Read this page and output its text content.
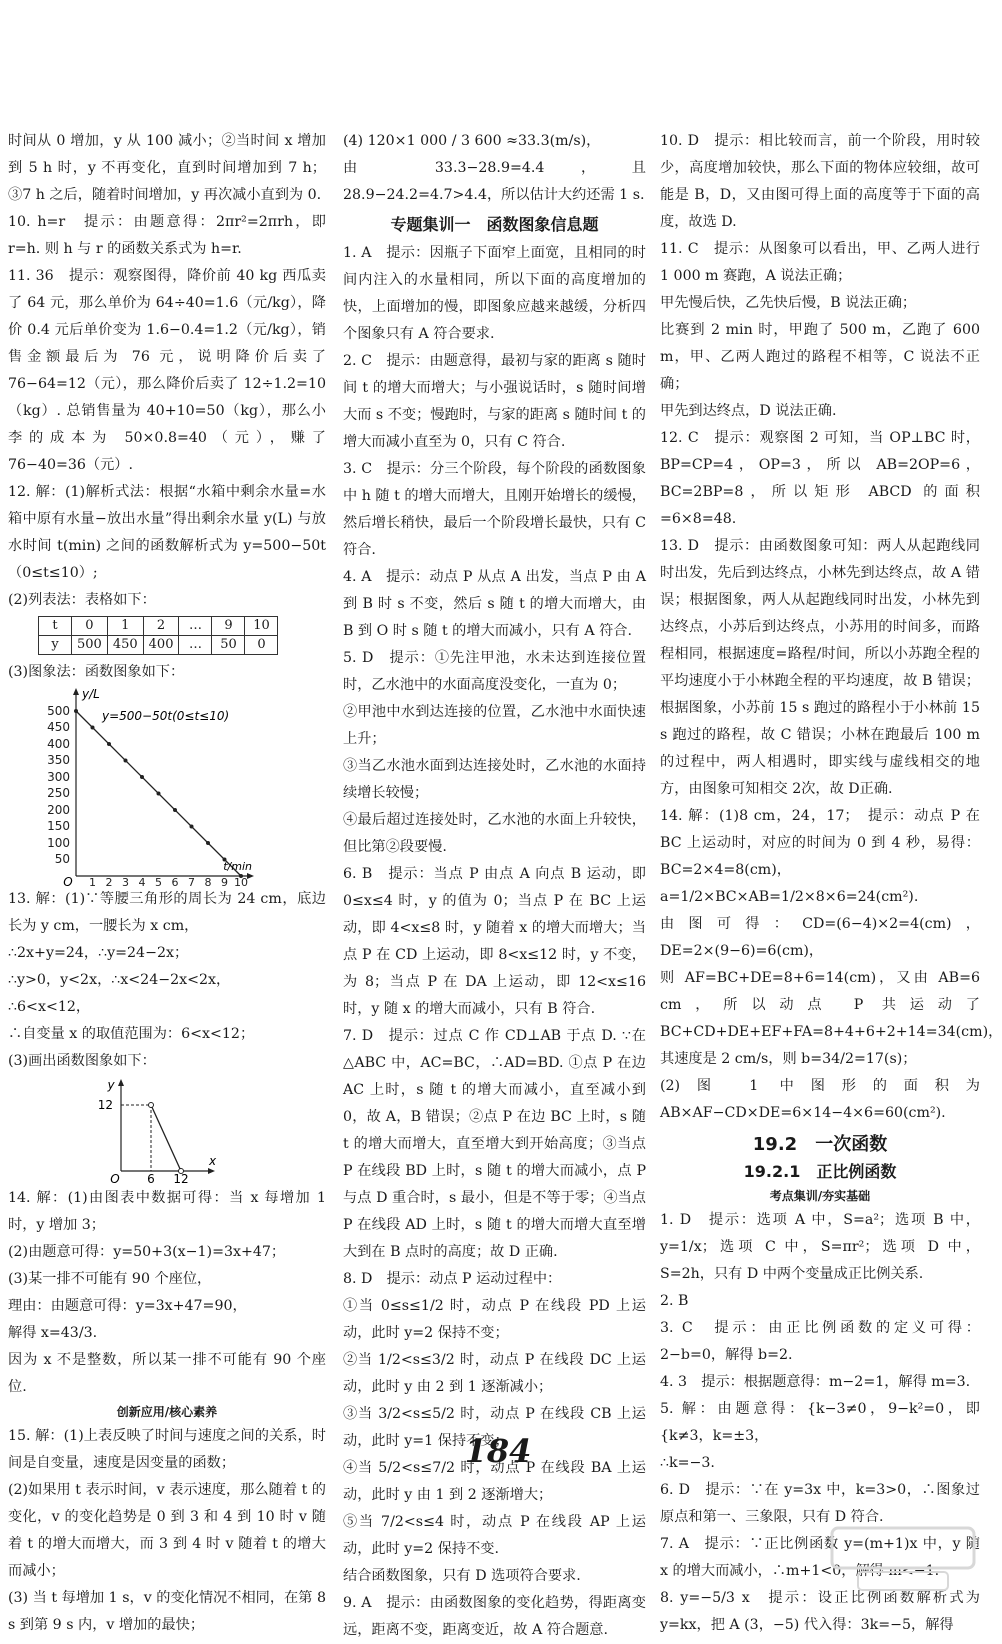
时间从 0 增加，y 从 100 减小；②当时间 x 增加到 5 h 时，y 不再变化，直到时间增加到 7 h；③7 h 之后，随着时间增加，y 再次减小直到为 0.

10. h=r　提示：由题意得：2πr²=2πrh，即 r=h. 则 h 与 r 的函数关系式为 h=r.

11. 36　提示：观察图得，降价前 40 kg 西瓜卖了 64 元，那么单价为 64÷40=1.6（元/kg），降价 0.4 元后单价变为 1.6−0.4=1.2（元/kg），销售金额最后为 76 元，说明降价后卖了 76−64=12（元），那么降价后卖了 12÷1.2=10（kg）. 总销售量为 40+10=50（kg），那么小李的成本为 50×0.8=40（元），赚了 76−40=36（元）.

12. 解：(1)解析式法：根据“水箱中剩余水量=水箱中原有水量−放出水量”得出剩余水量 y(L) 与放水时间 t(min) 之间的函数解析式为 y=500−50t（0≤t≤10）;

(2)列表法：表格如下：

t	0	1	2	…	9	10
y	500	450	400	…	50	0

(3)图象法：函数图象如下：

500
450
400
350
300
250
200
150
100
50
1 2 3 4 5 6 7 8 9 10
O
y/L
t/min
y=500−50t(0≤t≤10)

13. 解：(1)∵等腰三角形的周长为 24 cm，底边长为 y cm，一腰长为 x cm，

∴2x+y=24，∴y=24−2x；

∴y>0，y<2x，∴x<24−2x<2x，

∴6<x<12，

∴自变量 x 的取值范围为：6<x<12；

(3)画出函数图象如下：

O
y
12
6 12
x

14. 解：(1)由图表中数据可得：当 x 每增加 1 时，y 增加 3；

(2)由题意可得：y=50+3(x−1)=3x+47；

(3)某一排不可能有 90 个座位，

理由：由题意可得：y=3x+47=90，

解得 x=43/3.

因为 x 不是整数，所以某一排不可能有 90 个座位.

创新应用/核心素养

15. 解：(1)上表反映了时间与速度之间的关系，时间是自变量，速度是因变量的函数；

(2)如果用 t 表示时间，v 表示速度，那么随着 t 的变化，v 的变化趋势是 0 到 3 和 4 到 10 时 v 随着 t 的增大而增大，而 3 到 4 时 v 随着 t 的增大而减小；

(3) 当 t 每增加 1 s，v 的变化情况不相同，在第 8 s 到第 9 s 内，v 增加的最快；

(4) 120×1 000 / 3 600 ≈33.3(m/s)，

由 33.3−28.9=4.4，且 28.9−24.2=4.7>4.4，所以估计大约还需 1 s.

专题集训一　函数图象信息题

1. A　提示：因瓶子下面窄上面宽，且相同的时间内注入的水量相同，所以下面的高度增加的快，上面增加的慢，即图象应越来越缓，分析四个图象只有 A 符合要求.

2. C　提示：由题意得，最初与家的距离 s 随时间 t 的增大而增大；与小强说话时，s 随时间增大而 s 不变；慢跑时，与家的距离 s 随时间 t 的增大而减小直至为 0，只有 C 符合.

3. C　提示：分三个阶段，每个阶段的函数图象中 h 随 t 的增大而增大，且刚开始增长的缓慢，然后增长稍快，最后一个阶段增长最快，只有 C 符合.

4. A　提示：动点 P 从点 A 出发，当点 P 由 A 到 B 时 s 不变，然后 s 随 t 的增大而增大，由 B 到 O 时 s 随 t 的增大而减小，只有 A 符合.

5. D　提示：①先注甲池，水未达到连接位置时，乙水池中的水面高度没变化，一直为 0；

②甲池中水到达连接的位置，乙水池中水面快速上升；

③当乙水池水面到达连接处时，乙水池的水面持续增长较慢；

④最后超过连接处时，乙水池的水面上升较快，但比第②段要慢.

6. B　提示：当点 P 由点 A 向点 B 运动，即 0≤x≤4 时，y 的值为 0；当点 P 在 BC 上运动，即 4<x≤8 时，y 随着 x 的增大而增大；当点 P 在 CD 上运动，即 8<x≤12 时，y 不变，为 8；当点 P 在 DA 上运动，即 12<x≤16 时，y 随 x 的增大而减小，只有 B 符合.

7. D　提示：过点 C 作 CD⊥AB 于点 D. ∵在 △ABC 中，AC=BC，∴AD=BD. ①点 P 在边 AC 上时，s 随 t 的增大而减小，直至减小到 0，故 A，B 错误；②点 P 在边 BC 上时，s 随 t 的增大而增大，直至增大到开始高度；③当点 P 在线段 BD 上时，s 随 t 的增大而减小，点 P 与点 D 重合时，s 最小，但是不等于零；④当点 P 在线段 AD 上时，s 随 t 的增大而增大直至增大到在 B 点时的高度；故 D 正确.

8. D　提示：动点 P 运动过程中：

①当 0≤s≤1/2 时，动点 P 在线段 PD 上运动，此时 y=2 保持不变；

②当 1/2<s≤3/2 时，动点 P 在线段 DC 上运动，此时 y 由 2 到 1 逐渐减小；

③当 3/2<s≤5/2 时，动点 P 在线段 CB 上运动，此时 y=1 保持不变；

④当 5/2<s≤7/2 时，动点 P 在线段 BA 上运动，此时 y 由 1 到 2 逐渐增大；

⑤当 7/2<s≤4 时，动点 P 在线段 AP 上运动，此时 y=2 保持不变.

结合函数图象，只有 D 选项符合要求.

9. A　提示：由函数图象的变化趋势，得距离变远，距离不变，距离变近，故 A 符合题意.

10. D　提示：相比较而言，前一个阶段，用时较少，高度增加较快，那么下面的物体应较细，故可能是 B，D，又由图可得上面的高度等于下面的高度，故选 D.

11. C　提示：从图象可以看出，甲、乙两人进行 1 000 m 赛跑，A 说法正确；

甲先慢后快，乙先快后慢，B 说法正确；

比赛到 2 min 时，甲跑了 500 m，乙跑了 600 m，甲、乙两人跑过的路程不相等，C 说法不正确；

甲先到达终点，D 说法正确.

12. C　提示：观察图 2 可知，当 OP⊥BC 时，BP=CP=4，OP=3，所以 AB=2OP=6，BC=2BP=8，所以矩形 ABCD 的面积=6×8=48.

13. D　提示：由函数图象可知：两人从起跑线同时出发，先后到达终点，小林先到达终点，故 A 错误；根据图象，两人从起跑线同时出发，小林先到达终点，小苏后到达终点，小苏用的时间多，而路程相同，根据速度=路程/时间，所以小苏跑全程的平均速度小于小林跑全程的平均速度，故 B 错误；根据图象，小苏前 15 s 跑过的路程小于小林前 15 s 跑过的路程，故 C 错误；小林在跑最后 100 m 的过程中，两人相遇时，即实线与虚线相交的地方，由图象可知相交 2次，故 D正确.

14. 解：(1)8 cm，24，17；　提示：动点 P 在 BC 上运动时，对应的时间为 0 到 4 秒，易得：BC=2×4=8(cm)，

a=1/2×BC×AB=1/2×8×6=24(cm²).

由图可得：CD=(6−4)×2=4(cm)，DE=2×(9−6)=6(cm)，

则 AF=BC+DE=8+6=14(cm)，又由 AB=6 cm，所以动点 P 共运动了 BC+CD+DE+EF+FA=8+4+6+2+14=34(cm)，

其速度是 2 cm/s，则 b=34/2=17(s)；

(2)图 1 中图形的面积为 AB×AF−CD×DE=6×14−4×6=60(cm²).

19.2　一次函数

19.2.1　正比例函数

考点集训/夯实基础

1. D　提示：选项 A 中，S=a²；选项 B 中，y=1/x；选项 C 中，S=πr²；选项 D 中，S=2h，只有 D 中两个变量成正比例关系.

2. B

3. C　提示：由正比例函数的定义可得：2−b=0，解得 b=2.

4. 3　提示：根据题意得：m−2=1，解得 m=3.

5. 解：由题意得：{k−3≠0，9−k²=0，即 {k≠3，k=±3，

∴k=−3.

6. D　提示：∵在 y=3x 中，k=3>0，∴图象过原点和第一、三象限，只有 D 符合.

7. A　提示：∵正比例函数 y=(m+1)x 中，y 随 x 的增大而减小，∴m+1<0，解得 m<−1.

8. y=−5/3 x　提示：设正比例函数解析式为 y=kx，把 A (3，−5) 代入得：3k=−5，解得

184
